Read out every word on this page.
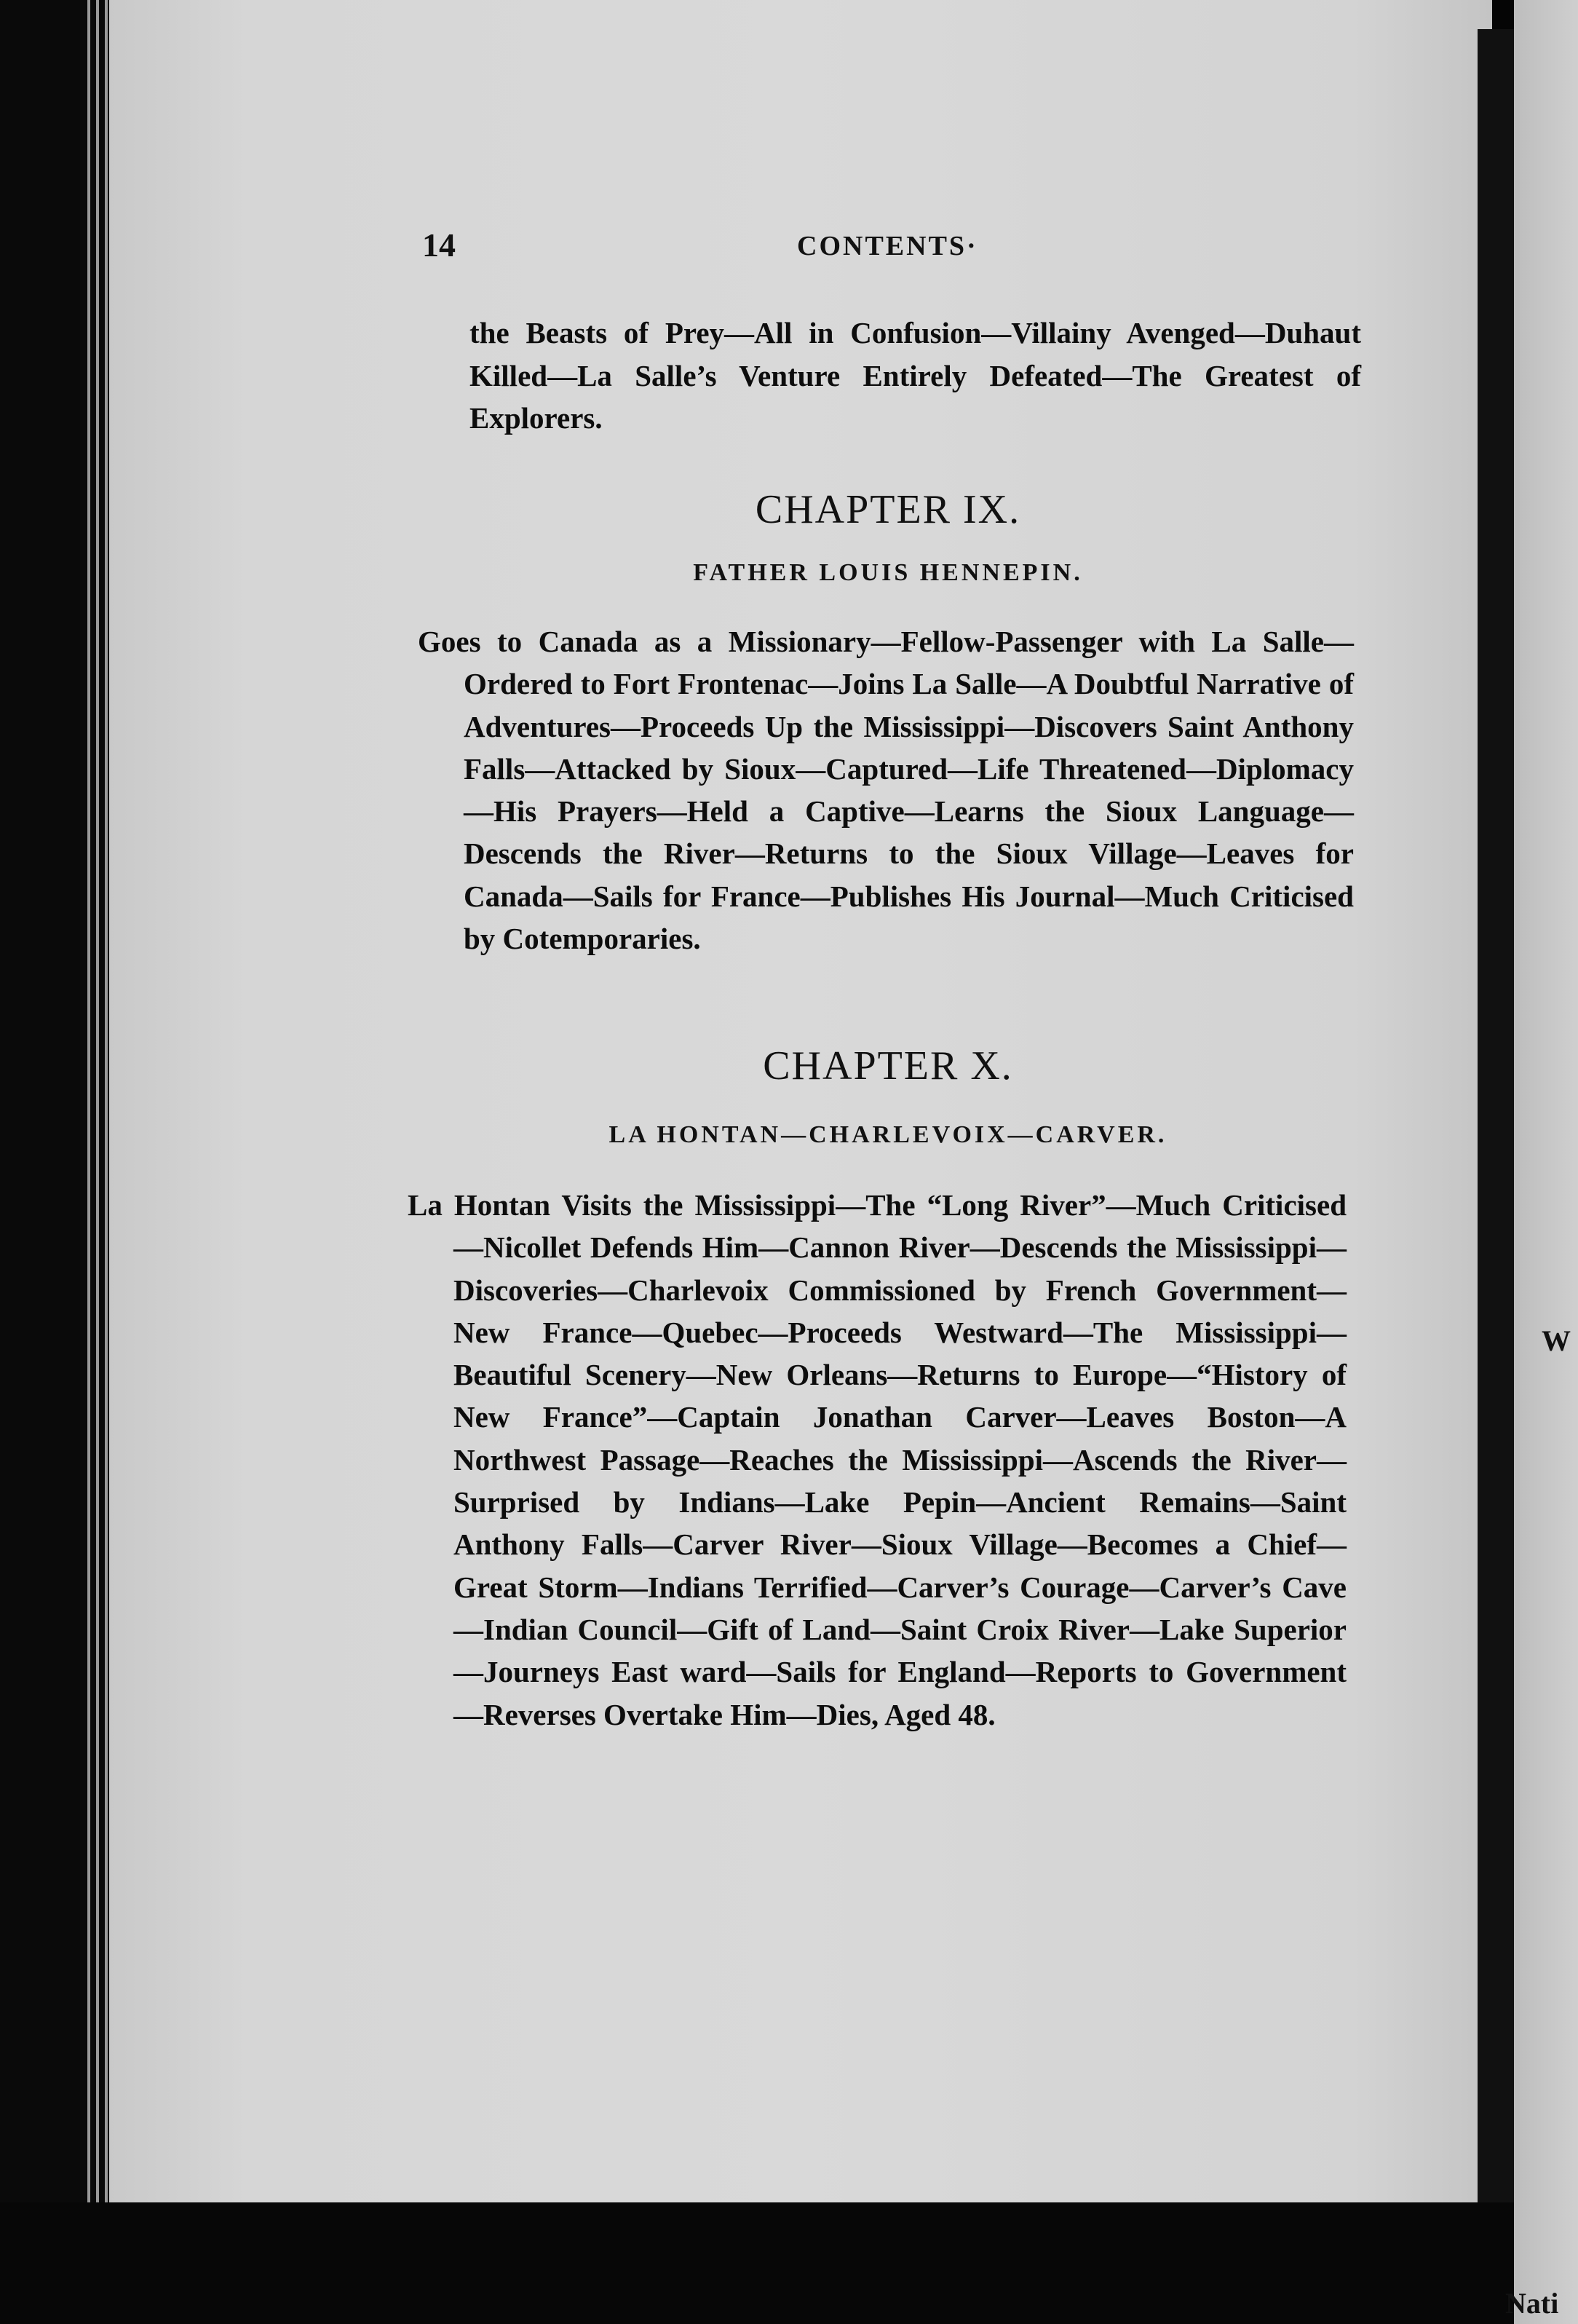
W
Nati
14	CONTENTS·
the Beasts of Prey—All in Confusion—Villainy Avenged—Duhaut Killed—La Salle’s Venture Entirely Defeated—The Greatest of Explorers.
CHAPTER IX.
FATHER LOUIS HENNEPIN.
Goes to Canada as a Missionary—Fellow-Passenger with La Salle—Ordered to Fort Frontenac—Joins La Salle—A Doubtful Narrative of Adventures—Proceeds Up the Mississippi—Discovers Saint Anthony Falls—Attacked by Sioux—Captured—Life Threatened—Diplomacy—His Prayers—Held a Captive—Learns the Sioux Language—Descends the River—Returns to the Sioux Village—Leaves for Canada—Sails for France—Publishes His Journal—Much Criticised by Cotemporaries.
CHAPTER X.
LA HONTAN—CHARLEVOIX—CARVER.
La Hontan Visits the Mississippi—The “Long River”—Much Criticised—Nicollet Defends Him—Cannon River—Descends the Mississippi—Discoveries—Charlevoix Commissioned by French Government—New France—Quebec—Proceeds Westward—The Mississippi—Beautiful Scenery—New Orleans—Returns to Europe—“History of New France”—Captain Jonathan Carver—Leaves Boston—A Northwest Passage—Reaches the Mississippi—Ascends the River—Surprised by Indians—Lake Pepin—Ancient Remains—Saint Anthony Falls—Carver River—Sioux Village—Becomes a Chief—Great Storm—Indians Terrified—Carver’s Courage—Carver’s Cave—Indian Council—Gift of Land—Saint Croix River—Lake Superior—Journeys East ward—Sails for England—Reports to Government—Reverses Overtake Him—Dies, Aged 48.
